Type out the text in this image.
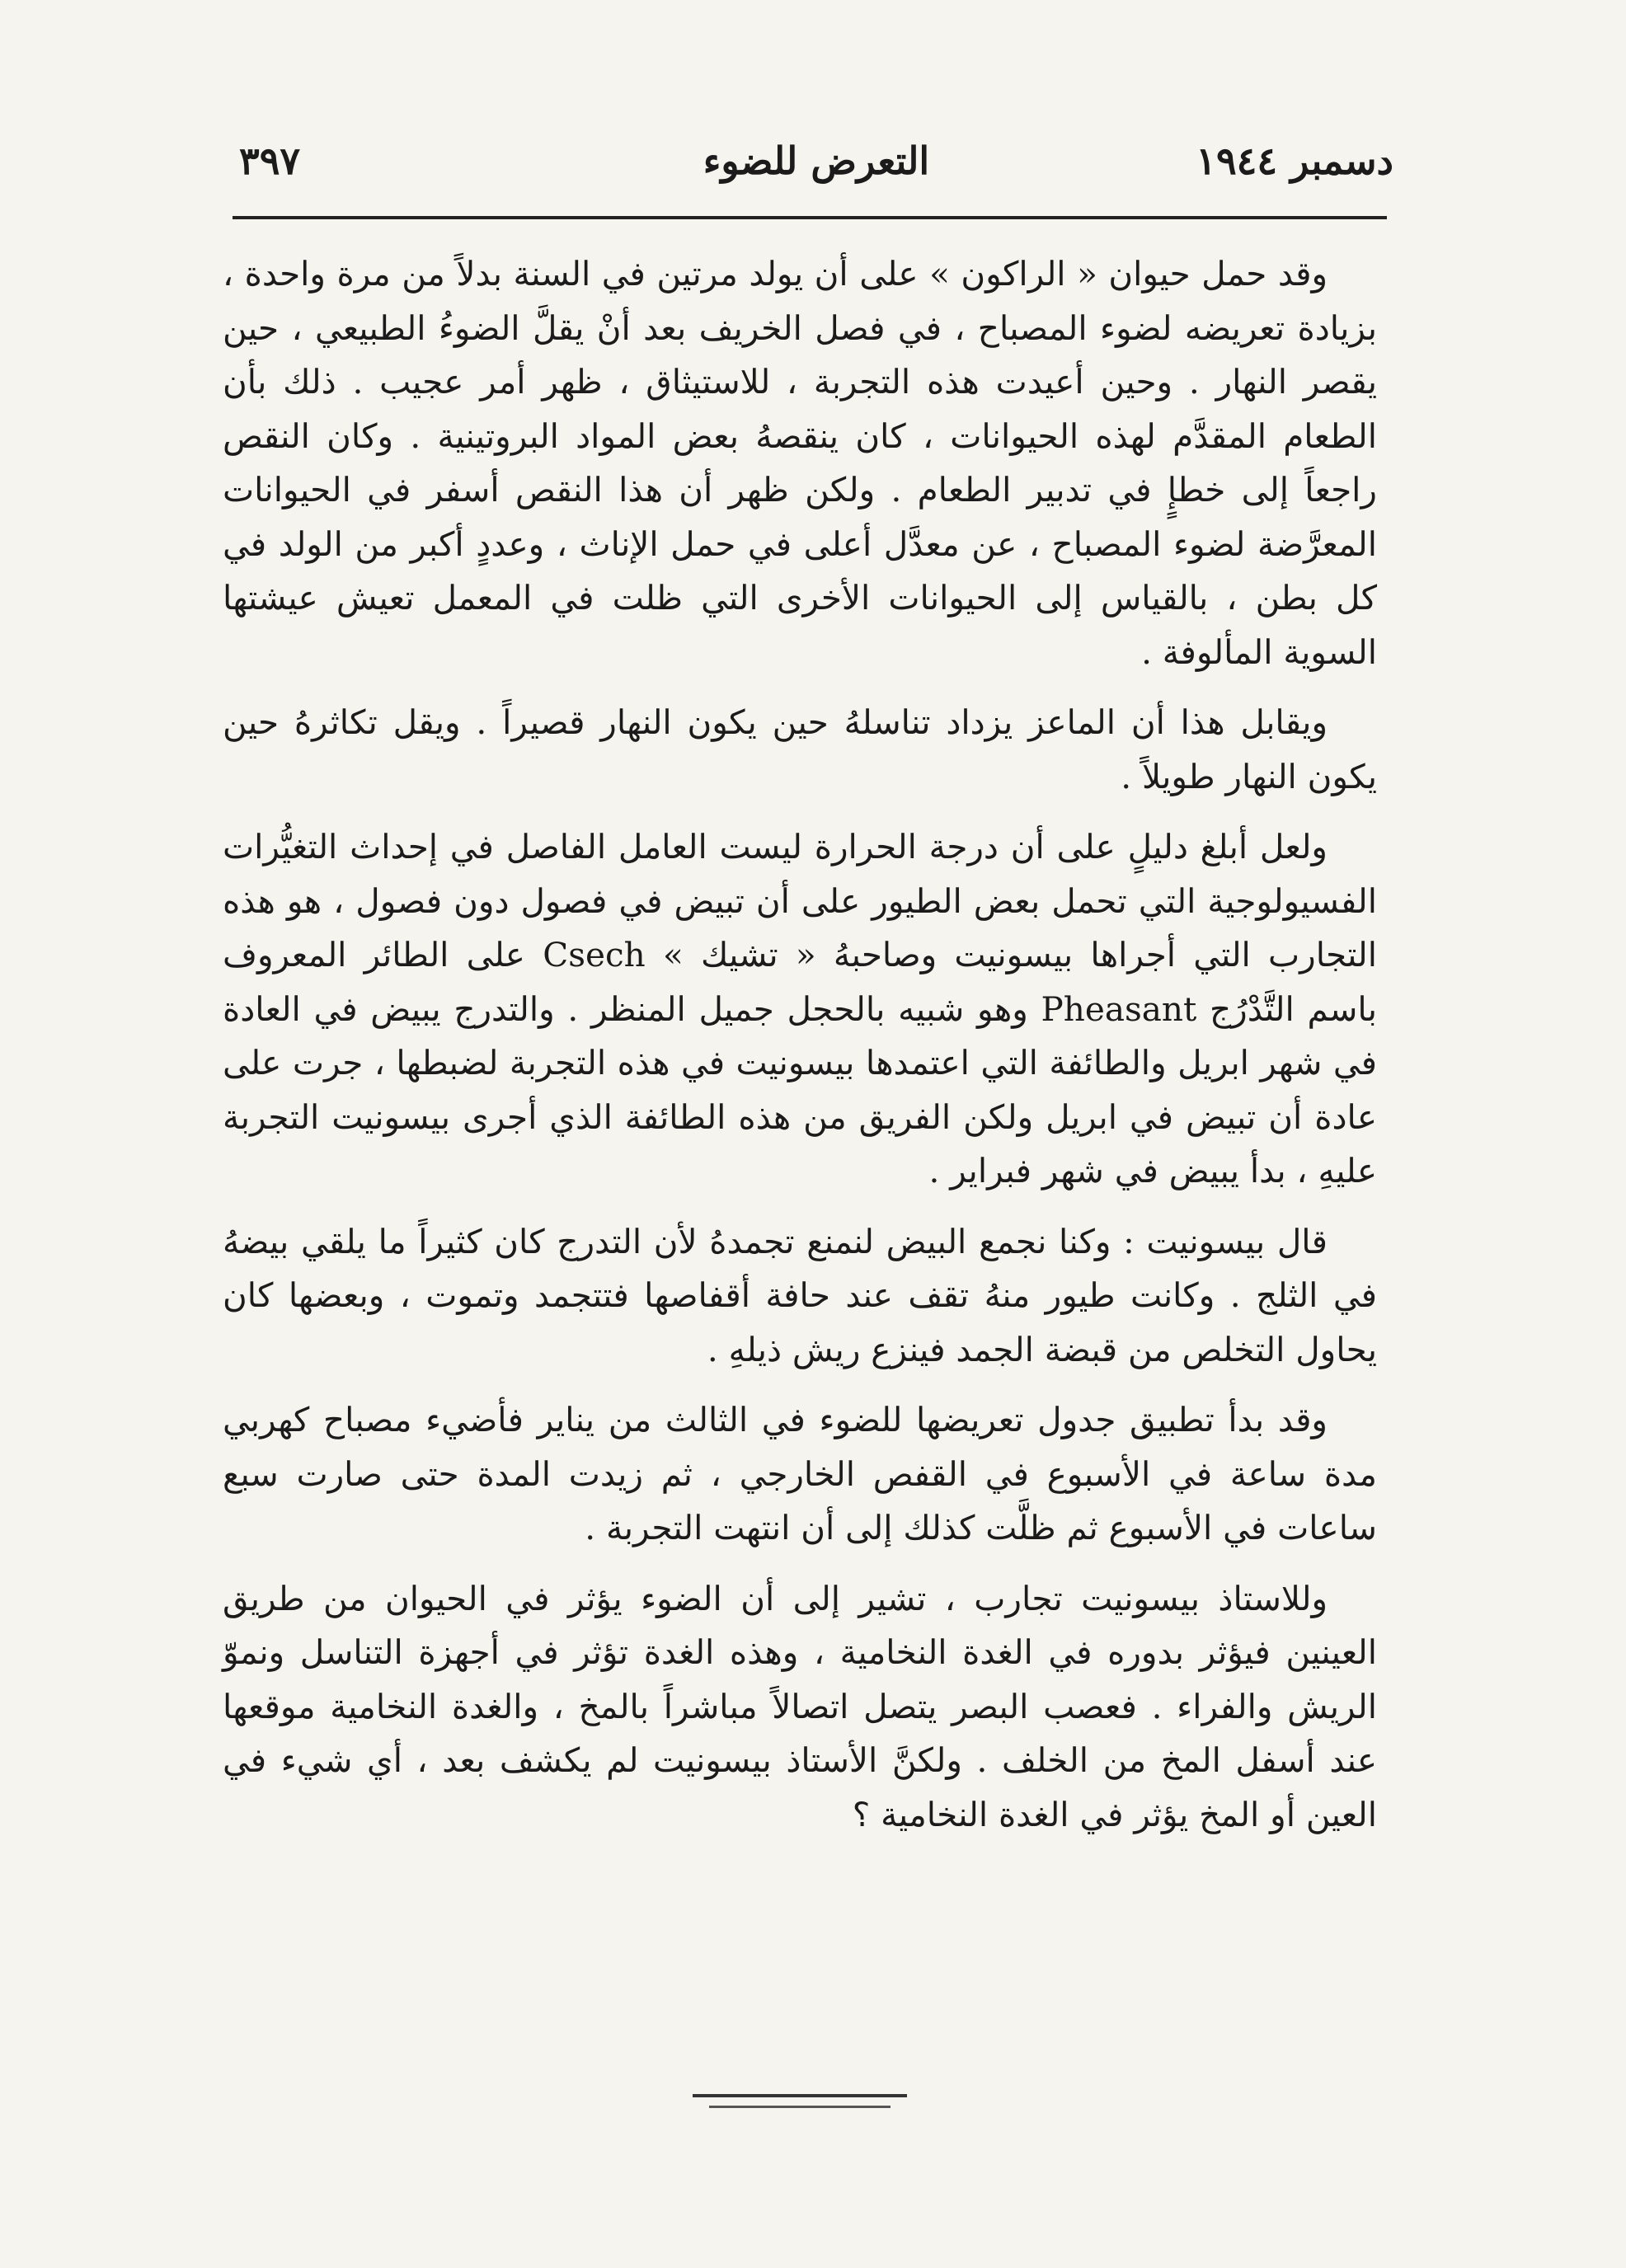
دسمبر ١٩٤٤
التعرض للضوء
٣٩٧

وقد حمل حيوان « الراكون » على أن يولد مرتين في السنة بدلاً من مرة واحدة ، بزيادة تعريضه لضوء المصباح ، في فصل الخريف بعد أنْ يقلَّ الضوءُ الطبيعي ، حين يقصر النهار . وحين أعيدت هذه التجربة ، للاستيثاق ، ظهر أمر عجيب . ذلك بأن الطعام المقدَّم لهذه الحيوانات ، كان ينقصهُ بعض المواد البروتينية . وكان النقص راجعاً إلى خطإٍ في تدبير الطعام . ولكن ظهر أن هذا النقص أسفر في الحيوانات المعرَّضة لضوء المصباح ، عن معدَّل أعلى في حمل الإناث ، وعددٍ أكبر من الولد في كل بطن ، بالقياس إلى الحيوانات الأخرى التي ظلت في المعمل تعيش عيشتها السوية المألوفة .

ويقابل هذا أن الماعز يزداد تناسلهُ حين يكون النهار قصيراً . ويقل تكاثرهُ حين يكون النهار طويلاً .

ولعل أبلغ دليلٍ على أن درجة الحرارة ليست العامل الفاصل في إحداث التغيُّرات الفسيولوجية التي تحمل بعض الطيور على أن تبيض في فصول دون فصول ، هو هذه التجارب التي أجراها بيسونيت وصاحبهُ « تشيك » Csech على الطائر المعروف باسم التَّدْرُج Pheasant وهو شبيه بالحجل جميل المنظر . والتدرج يبيض في العادة في شهر ابريل والطائفة التي اعتمدها بيسونيت في هذه التجربة لضبطها ، جرت على عادة أن تبيض في ابريل ولكن الفريق من هذه الطائفة الذي أجرى بيسونيت التجربة عليهِ ، بدأ يبيض في شهر فبراير .

قال بيسونيت : وكنا نجمع البيض لنمنع تجمدهُ لأن التدرج كان كثيراً ما يلقي بيضهُ في الثلج . وكانت طيور منهُ تقف عند حافة أقفاصها فتتجمد وتموت ، وبعضها كان يحاول التخلص من قبضة الجمد فينزع ريش ذيلهِ .

وقد بدأ تطبيق جدول تعريضها للضوء في الثالث من يناير فأضيء مصباح كهربي مدة ساعة في الأسبوع في القفص الخارجي ، ثم زيدت المدة حتى صارت سبع ساعات في الأسبوع ثم ظلَّت كذلك إلى أن انتهت التجربة .

وللاستاذ بيسونيت تجارب ، تشير إلى أن الضوء يؤثر في الحيوان من طريق العينين فيؤثر بدوره في الغدة النخامية ، وهذه الغدة تؤثر في أجهزة التناسل ونموّ الريش والفراء . فعصب البصر يتصل اتصالاً مباشراً بالمخ ، والغدة النخامية موقعها عند أسفل المخ من الخلف . ولكنَّ الأستاذ بيسونيت لم يكشف بعد ، أي شيء في العين أو المخ يؤثر في الغدة النخامية ؟
